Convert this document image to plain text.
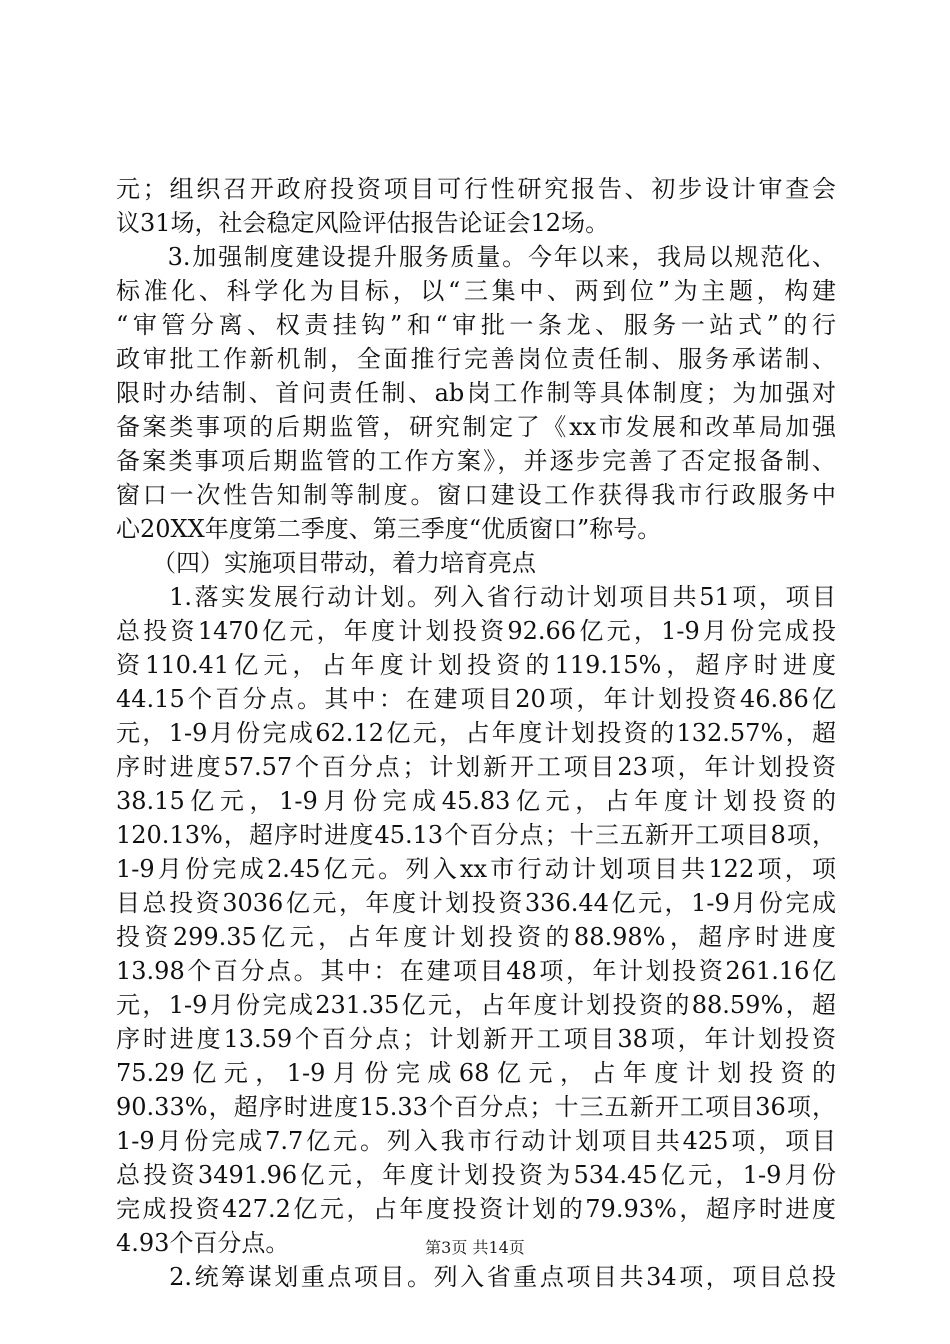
元；组织召开政府投资项目可行性研究报告、初步设计审查会
议31场，社会稳定风险评估报告论证会12场。
　　3.加强制度建设提升服务质量。今年以来，我局以规范化、
标准化、科学化为目标，以“三集中、两到位”为主题，构建
“审管分离、权责挂钩”和“审批一条龙、服务一站式”的行
政审批工作新机制，全面推行完善岗位责任制、服务承诺制、
限时办结制、首问责任制、ab岗工作制等具体制度；为加强对
备案类事项的后期监管，研究制定了《xx市发展和改革局加强
备案类事项后期监管的工作方案》，并逐步完善了否定报备制、
窗口一次性告知制等制度。窗口建设工作获得我市行政服务中
心20XX年度第二季度、第三季度“优质窗口”称号。
　　（四）实施项目带动，着力培育亮点
　　1.落实发展行动计划。列入省行动计划项目共51项，项目
总投资1470亿元，年度计划投资92.66亿元，1-9月份完成投
资110.41亿元，占年度计划投资的119.15%，超序时进度
44.15个百分点。其中：在建项目20项，年计划投资46.86亿
元，1-9月份完成62.12亿元，占年度计划投资的132.57%，超
序时进度57.57个百分点；计划新开工项目23项，年计划投资
38.15亿元，1-9月份完成45.83亿元，占年度计划投资的
120.13%，超序时进度45.13个百分点；十三五新开工项目8项，
1-9月份完成2.45亿元。列入xx市行动计划项目共122项，项
目总投资3036亿元，年度计划投资336.44亿元，1-9月份完成
投资299.35亿元，占年度计划投资的88.98%，超序时进度
13.98个百分点。其中：在建项目48项，年计划投资261.16亿
元，1-9月份完成231.35亿元，占年度计划投资的88.59%，超
序时进度13.59个百分点；计划新开工项目38项，年计划投资
75.29亿元，1-9月份完成68亿元，占年度计划投资的
90.33%，超序时进度15.33个百分点；十三五新开工项目36项，
1-9月份完成7.7亿元。列入我市行动计划项目共425项，项目
总投资3491.96亿元，年度计划投资为534.45亿元，1-9月份
完成投资427.2亿元，占年度投资计划的79.93%，超序时进度
4.93个百分点。
　　2.统筹谋划重点项目。列入省重点项目共34项，项目总投
第3页 共14页
